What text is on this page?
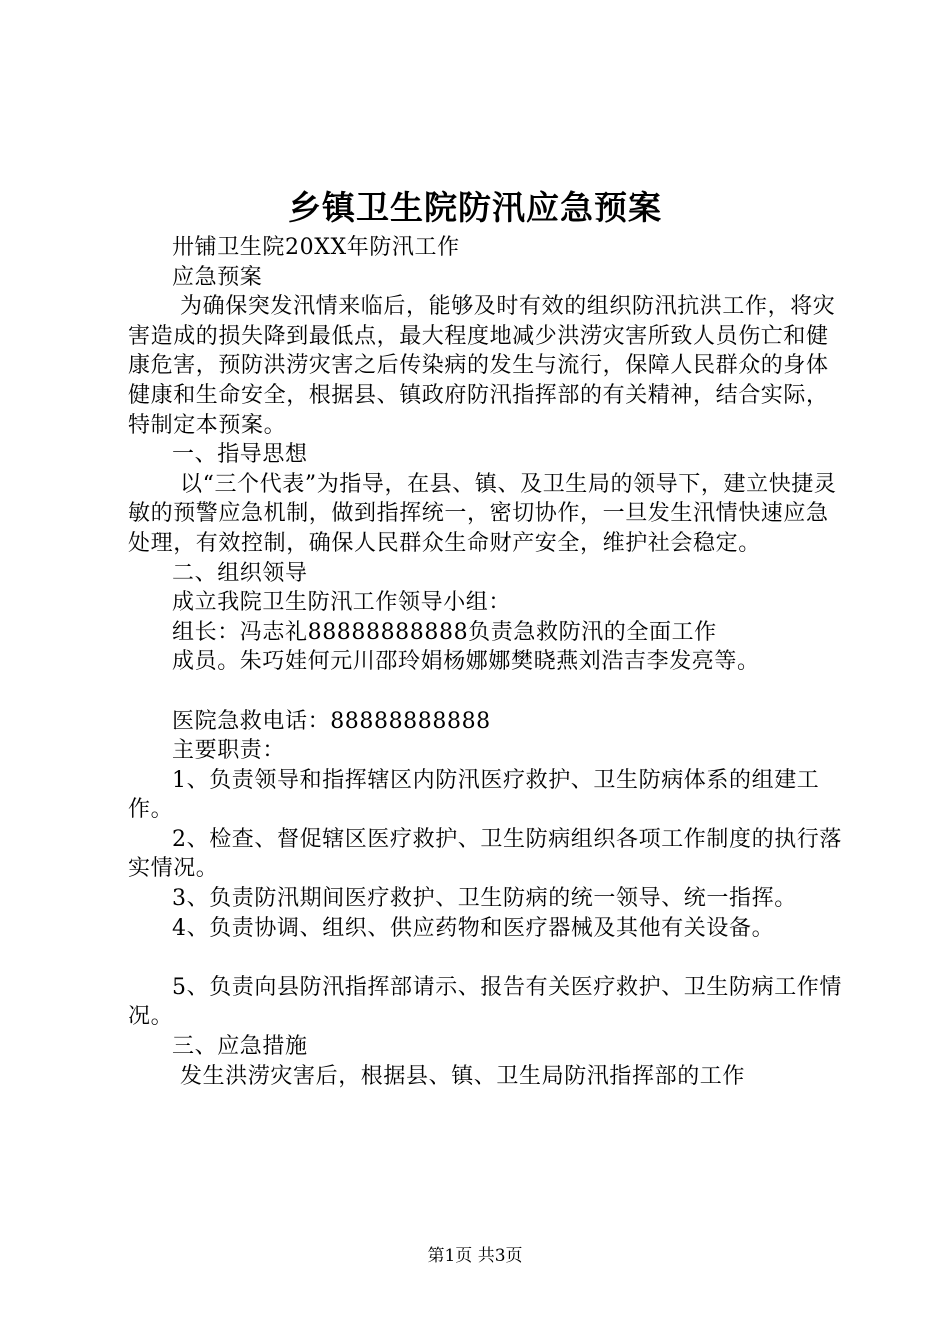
乡镇卫生院防汛应急预案

卅铺卫生院20XX年防汛工作

应急预案

为确保突发汛情来临后，能够及时有效的组织防汛抗洪工作，将灾害造成的损失降到最低点，最大程度地减少洪涝灾害所致人员伤亡和健康危害，预防洪涝灾害之后传染病的发生与流行，保障人民群众的身体健康和生命安全，根据县、镇政府防汛指挥部的有关精神，结合实际，特制定本预案。

一、指导思想

以“三个代表”为指导，在县、镇、及卫生局的领导下，建立快捷灵敏的预警应急机制，做到指挥统一，密切协作，一旦发生汛情快速应急处理，有效控制，确保人民群众生命财产安全，维护社会稳定。

二、组织领导

成立我院卫生防汛工作领导小组：

组长：冯志礼88888888888负责急救防汛的全面工作

成员。朱巧娃何元川邵玲娟杨娜娜樊晓燕刘浩吉李发亮等。

医院急救电话：88888888888

主要职责：

1、负责领导和指挥辖区内防汛医疗救护、卫生防病体系的组建工作。

2、检查、督促辖区医疗救护、卫生防病组织各项工作制度的执行落实情况。

3、负责防汛期间医疗救护、卫生防病的统一领导、统一指挥。

4、负责协调、组织、供应药物和医疗器械及其他有关设备。

5、负责向县防汛指挥部请示、报告有关医疗救护、卫生防病工作情况。

三、应急措施

发生洪涝灾害后，根据县、镇、卫生局防汛指挥部的工作

第1页 共3页
